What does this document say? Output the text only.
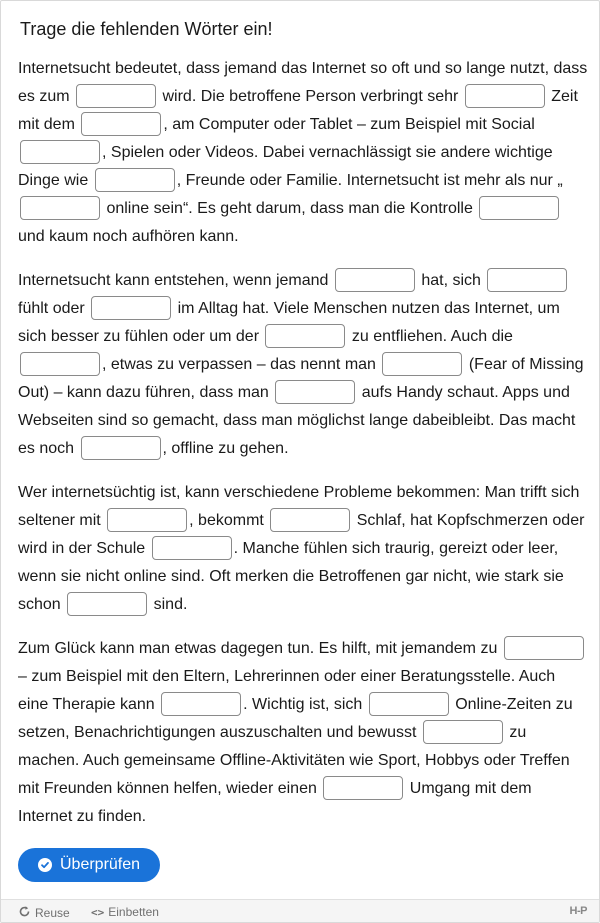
Trage die fehlenden Wörter ein!

Internetsucht bedeutet, dass jemand das Internet so oft und so lange nutzt, dass es zum	wird. Die betroffene Person verbringt sehr	Zeit mit dem	, am Computer oder Tablet – zum Beispiel mit Social , Spielen oder Videos. Dabei vernachlässigt sie andere wichtige Dinge wie	, Freunde oder Familie. Internetsucht ist mehr als nur „  online sein“. Es geht darum, dass man die Kontrolle  und kaum noch aufhören kann.

Internetsucht kann entstehen, wenn jemand	hat, sich  fühlt oder	im Alltag hat. Viele Menschen nutzen das Internet, um sich besser zu fühlen oder um der	zu entfliehen. Auch die , etwas zu verpassen – das nennt man	(Fear of Missing Out) – kann dazu führen, dass man	aufs Handy schaut. Apps und Webseiten sind so gemacht, dass man möglichst lange dabeibleibt. Das macht es noch	, offline zu gehen.

Wer internetsüchtig ist, kann verschiedene Probleme bekommen: Man trifft sich seltener mit	, bekommt	Schlaf, hat Kopfschmerzen oder wird in der Schule	. Manche fühlen sich traurig, gereizt oder leer, wenn sie nicht online sind. Oft merken die Betroffenen gar nicht, wie stark sie schon	sind.

Zum Glück kann man etwas dagegen tun. Es hilft, mit jemandem zu  – zum Beispiel mit den Eltern, Lehrerinnen oder einer Beratungsstelle. Auch eine Therapie kann	. Wichtig ist, sich	Online-Zeiten zu setzen, Benachrichtigungen auszuschalten und bewusst	zu machen. Auch gemeinsame Offline-Aktivitäten wie Sport, Hobbys oder Treffen mit Freunden können helfen, wieder einen	Umgang mit dem Internet zu finden.

Überprüfen
Reuse <> Einbetten	H-P
